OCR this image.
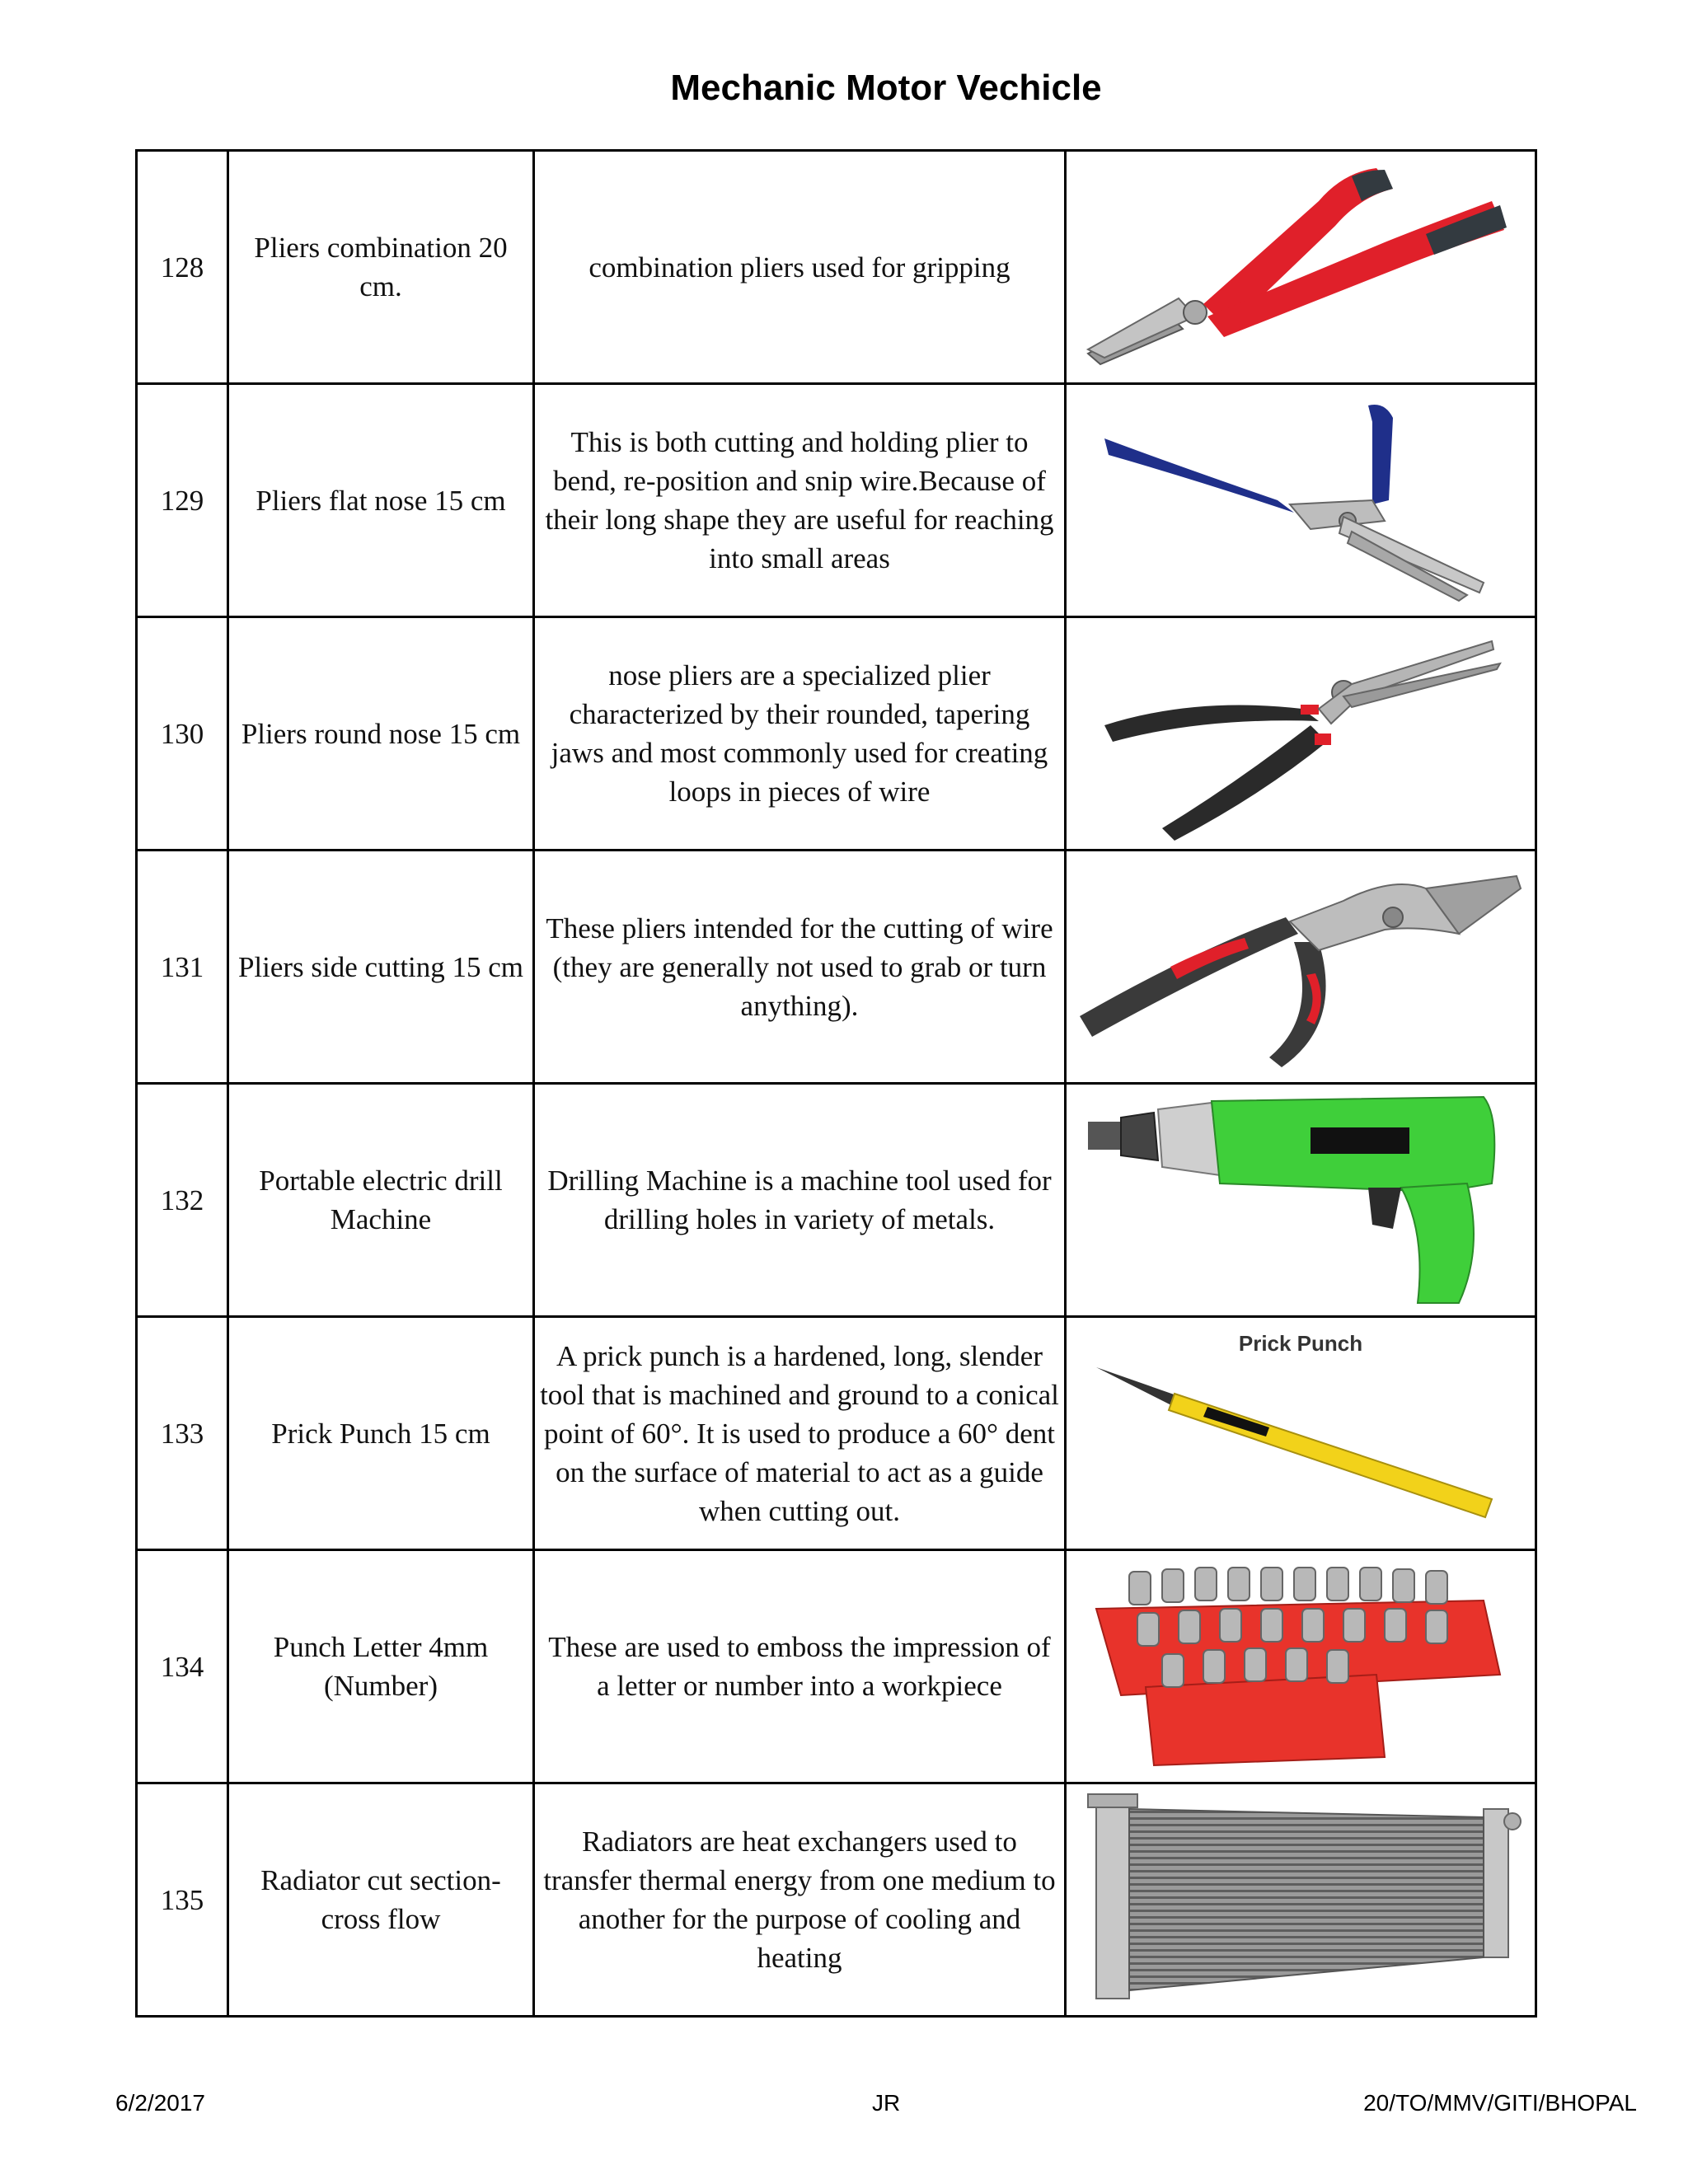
Mechanic Motor Vechicle
128	Pliers combination 20 cm.	combination pliers used for gripping	

129	Pliers flat nose 15 cm	This is both cutting and holding plier to bend, re-position and snip wire.Because of their long shape they are useful for reaching into small areas	

130	Pliers round nose 15 cm	nose pliers are a specialized plier characterized by their rounded, tapering jaws and most commonly used for creating loops in pieces of wire	

131	Pliers side cutting 15 cm	These pliers intended for the cutting of wire (they are generally not used to grab or turn anything).	

132	Portable electric drill Machine	Drilling Machine is a machine tool used for drilling holes in variety of metals.	

133	Prick Punch 15 cm	A prick punch is a hardened, long, slender tool that is machined and ground to a conical point of 60°. It is used to produce a 60° dent on the surface of material to act as a guide when cutting out.	Prick Punch

134	Punch Letter 4mm (Number)	These are used to emboss the impression of a letter or number into a workpiece	

135	Radiator cut section- cross flow	Radiators are heat exchangers used to transfer thermal energy from one medium to another for the purpose of cooling and heating	
6/2/2017	JR	20/TO/MMV/GITI/BHOPAL
